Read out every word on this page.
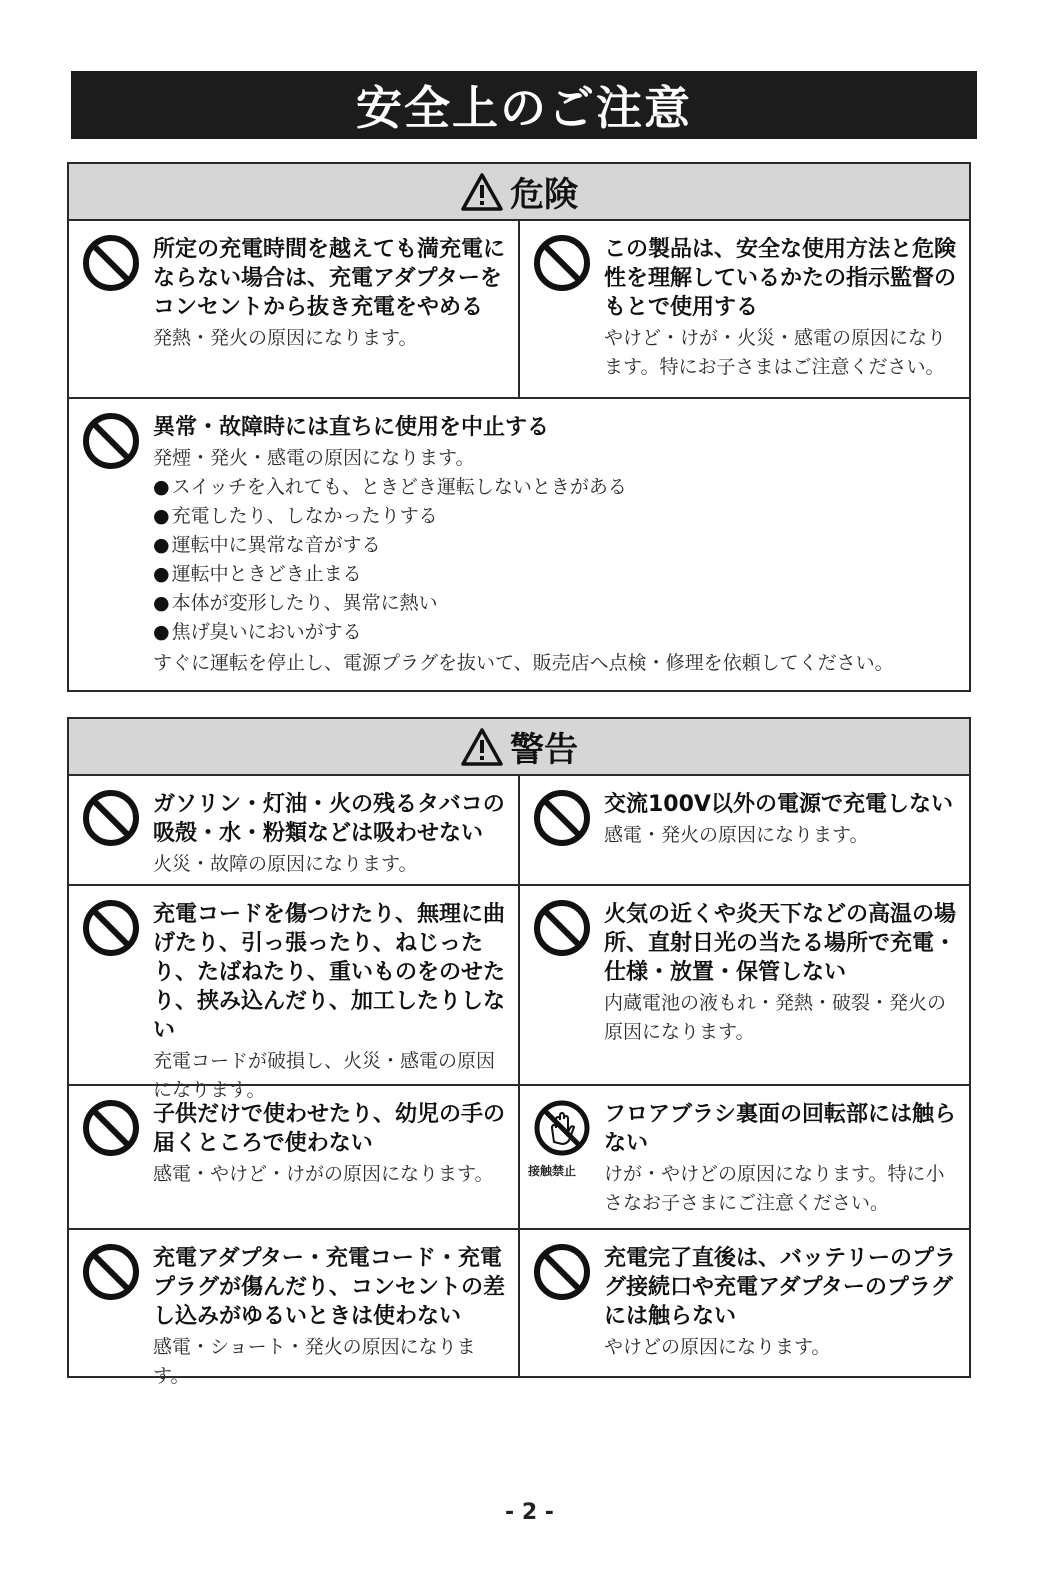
安全上のご注意
危険
所定の充電時間を越えても満充電にならない場合は、充電アダプターをコンセントから抜き充電をやめる
発熱・発火の原因になります。
この製品は、安全な使用方法と危険性を理解しているかたの指示監督のもとで使用する
やけど・けが・火災・感電の原因になります。特にお子さまはご注意ください。
異常・故障時には直ちに使用を中止する
発煙・発火・感電の原因になります。
● スイッチを入れても、ときどき運転しないときがある
● 充電したり、しなかったりする
● 運転中に異常な音がする
● 運転中ときどき止まる
● 本体が変形したり、異常に熱い
● 焦げ臭いにおいがする
すぐに運転を停止し、電源プラグを抜いて、販売店へ点検・修理を依頼してください。
警告
ガソリン・灯油・火の残るタバコの吸殻・水・粉類などは吸わせない
火災・故障の原因になります。
交流100V以外の電源で充電しない
感電・発火の原因になります。
充電コードを傷つけたり、無理に曲げたり、引っ張ったり、ねじったり、たばねたり、重いものをのせたり、挟み込んだり、加工したりしない
充電コードが破損し、火災・感電の原因になります。
火気の近くや炎天下などの高温の場所、直射日光の当たる場所で充電・仕様・放置・保管しない
内蔵電池の液もれ・発熱・破裂・発火の原因になります。
子供だけで使わせたり、幼児の手の届くところで使わない
感電・やけど・けがの原因になります。	接触禁止
フロアブラシ裏面の回転部には触らない
けが・やけどの原因になります。特に小さなお子さまにご注意ください。
充電アダプター・充電コード・充電プラグが傷んだり、コンセントの差し込みがゆるいときは使わない
感電・ショート・発火の原因になります。
充電完了直後は、バッテリーのプラグ接続口や充電アダプターのプラグには触らない
やけどの原因になります。
- 2 -
